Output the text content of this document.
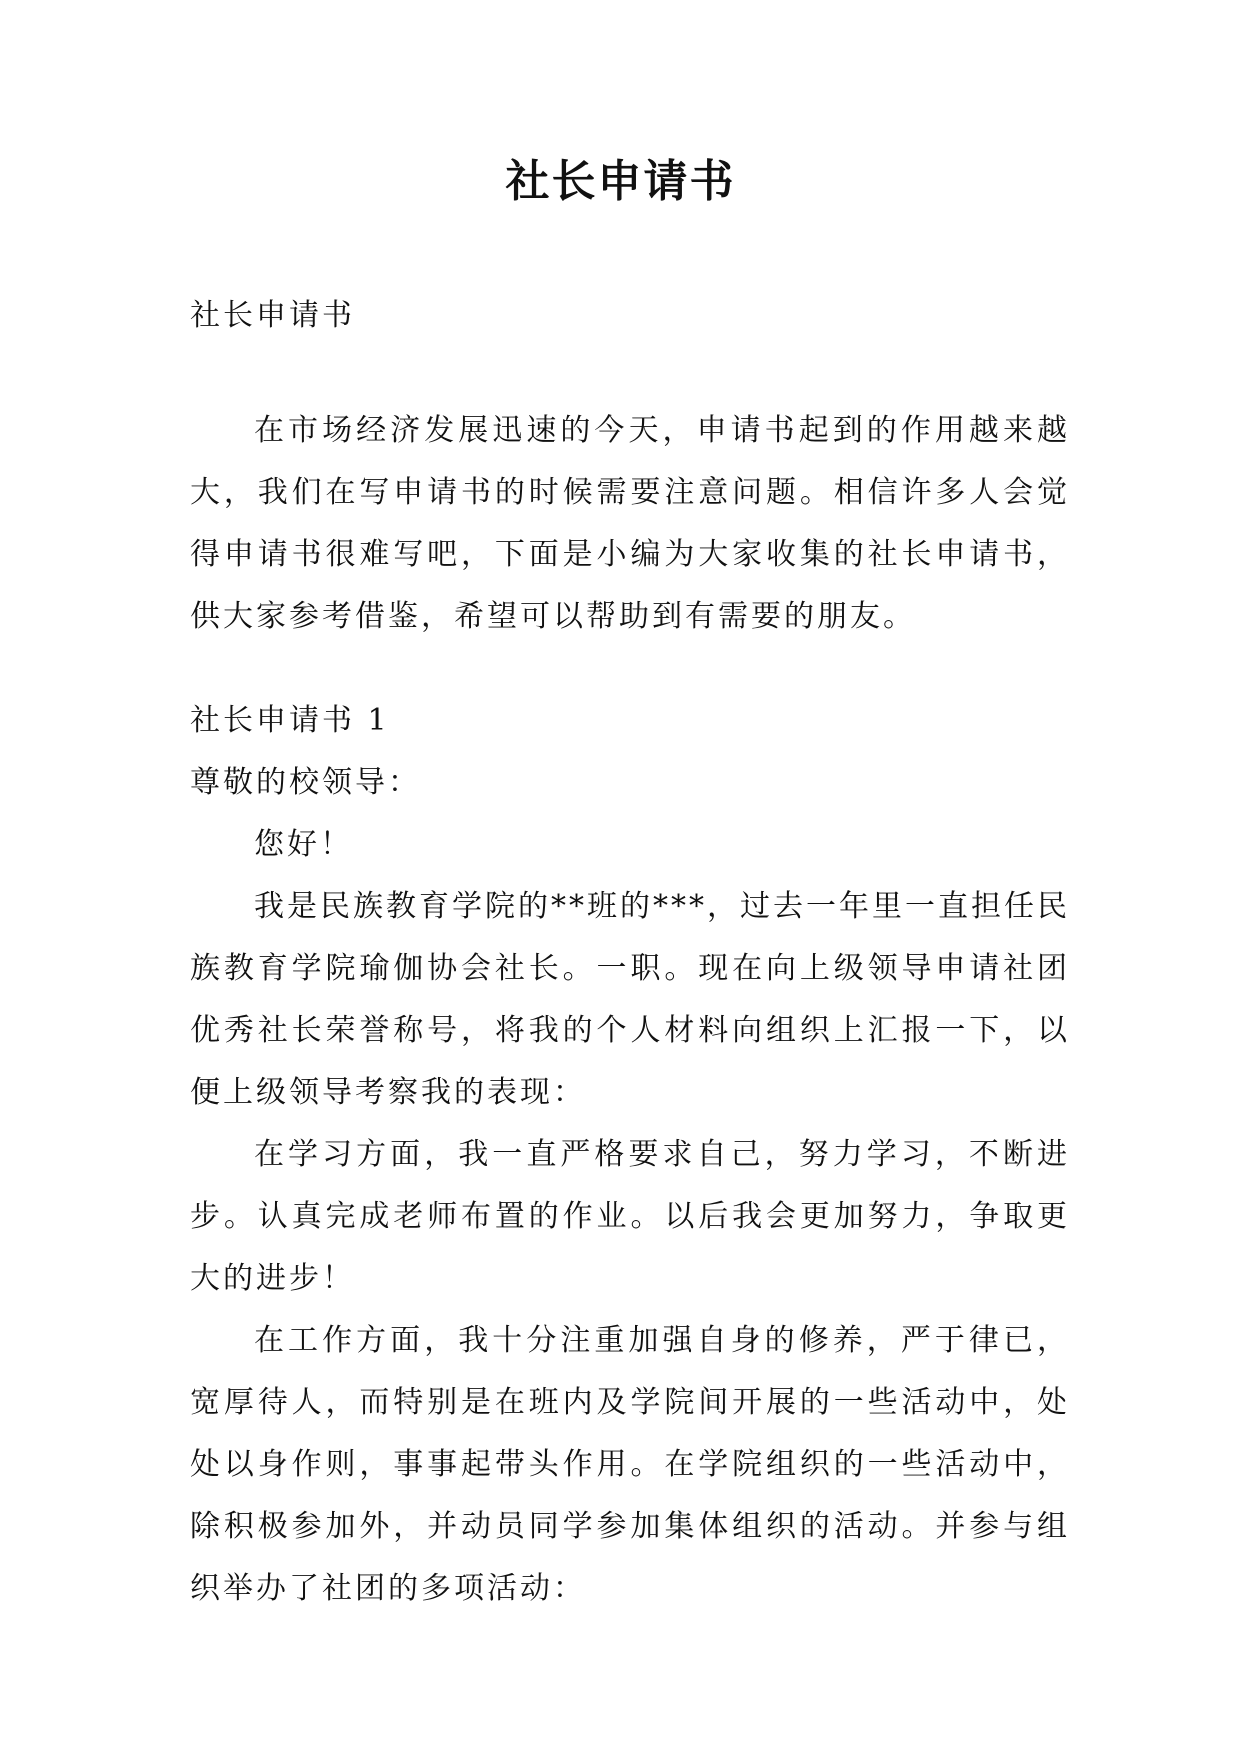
社长申请书

社长申请书

在市场经济发展迅速的今天，申请书起到的作用越来越大，我们在写申请书的时候需要注意问题。相信许多人会觉得申请书很难写吧，下面是小编为大家收集的社长申请书，供大家参考借鉴，希望可以帮助到有需要的朋友。

社长申请书 1

尊敬的校领导：

您好！

我是民族教育学院的**班的***，过去一年里一直担任民族教育学院瑜伽协会社长。一职。现在向上级领导申请社团优秀社长荣誉称号，将我的个人材料向组织上汇报一下，以便上级领导考察我的表现：

在学习方面，我一直严格要求自己，努力学习，不断进步。认真完成老师布置的作业。以后我会更加努力，争取更大的进步！

在工作方面，我十分注重加强自身的修养，严于律已，宽厚待人，而特别是在班内及学院间开展的一些活动中，处处以身作则，事事起带头作用。在学院组织的一些活动中，除积极参加外，并动员同学参加集体组织的活动。并参与组织举办了社团的多项活动：
